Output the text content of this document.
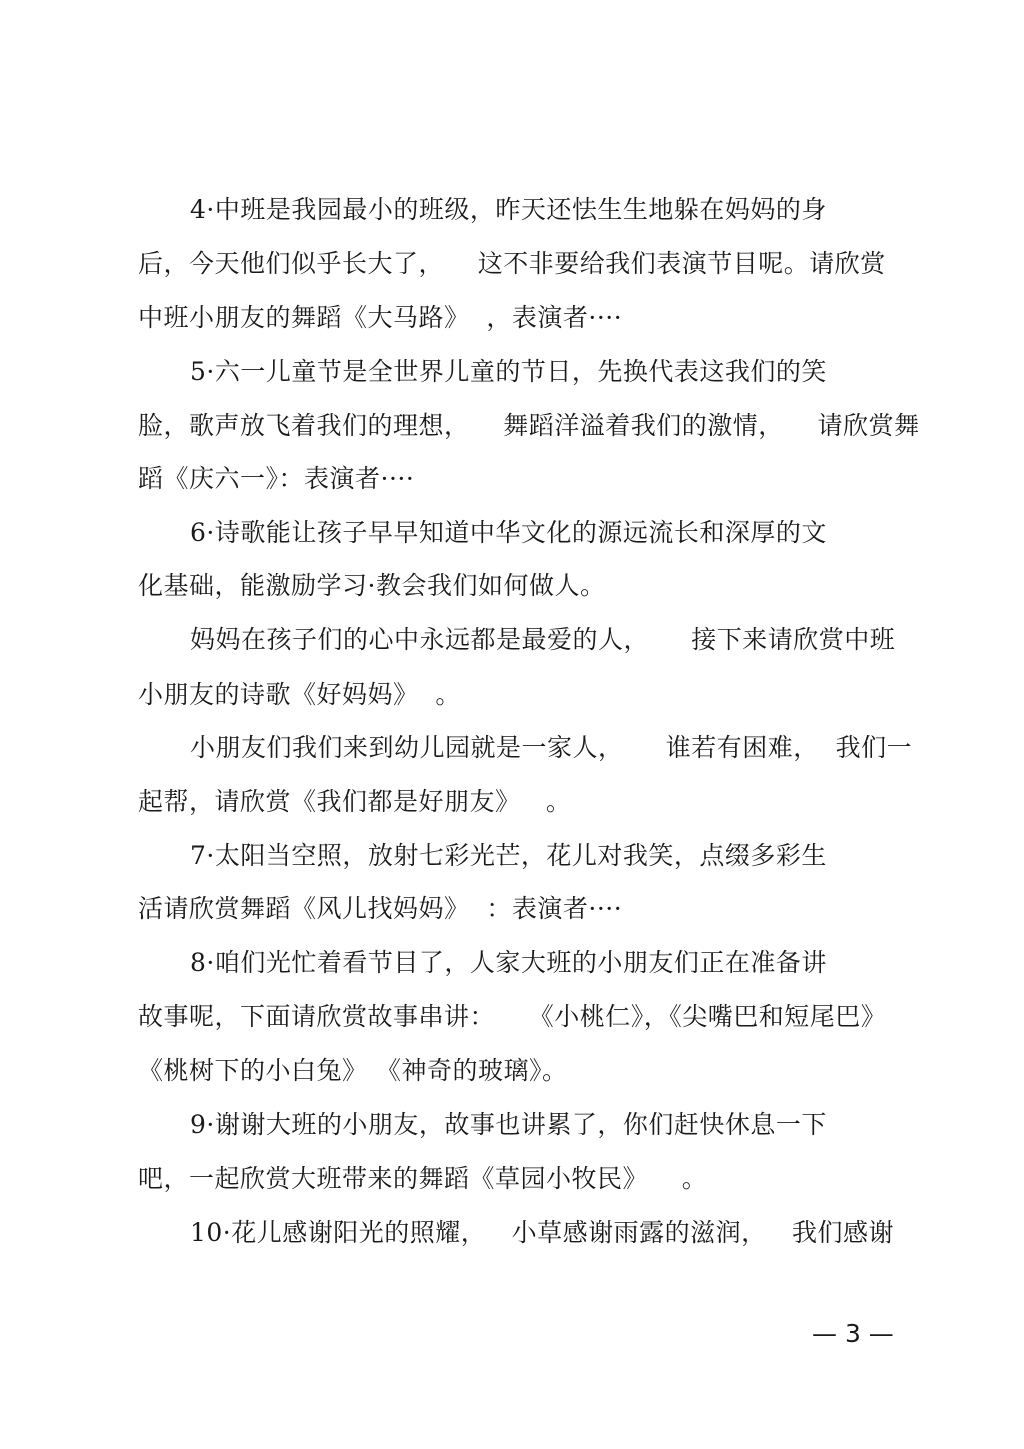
4·中班是我园最小的班级，昨天还怯生生地躲在妈妈的身
后，今天他们似乎长大了，    这不非要给我们表演节目呢。请欣赏
中班小朋友的舞蹈《大马路》  ，表演者····
5·六一儿童节是全世界儿童的节日，先换代表这我们的笑
脸，歌声放飞着我们的理想，    舞蹈洋溢着我们的激情，    请欣赏舞
蹈《庆六一》：表演者····
6·诗歌能让孩子早早知道中华文化的源远流长和深厚的文
化基础，能激励学习·教会我们如何做人。
妈妈在孩子们的心中永远都是最爱的人，     接下来请欣赏中班
小朋友的诗歌《好妈妈》  。
小朋友们我们来到幼儿园就是一家人，     谁若有困难，  我们一
起帮，请欣赏《我们都是好朋友》   。
7·太阳当空照，放射七彩光芒，花儿对我笑，点缀多彩生
活请欣赏舞蹈《风儿找妈妈》  ：表演者····
8·咱们光忙着看节目了，人家大班的小朋友们正在准备讲
故事呢，下面请欣赏故事串讲：    《小桃仁》，《尖嘴巴和短尾巴》
《桃树下的小白兔》 《神奇的玻璃》。
9·谢谢大班的小朋友，故事也讲累了，你们赶快休息一下
吧，一起欣赏大班带来的舞蹈《草园小牧民》    。
10·花儿感谢阳光的照耀，   小草感谢雨露的滋润，   我们感谢
— 3 —
